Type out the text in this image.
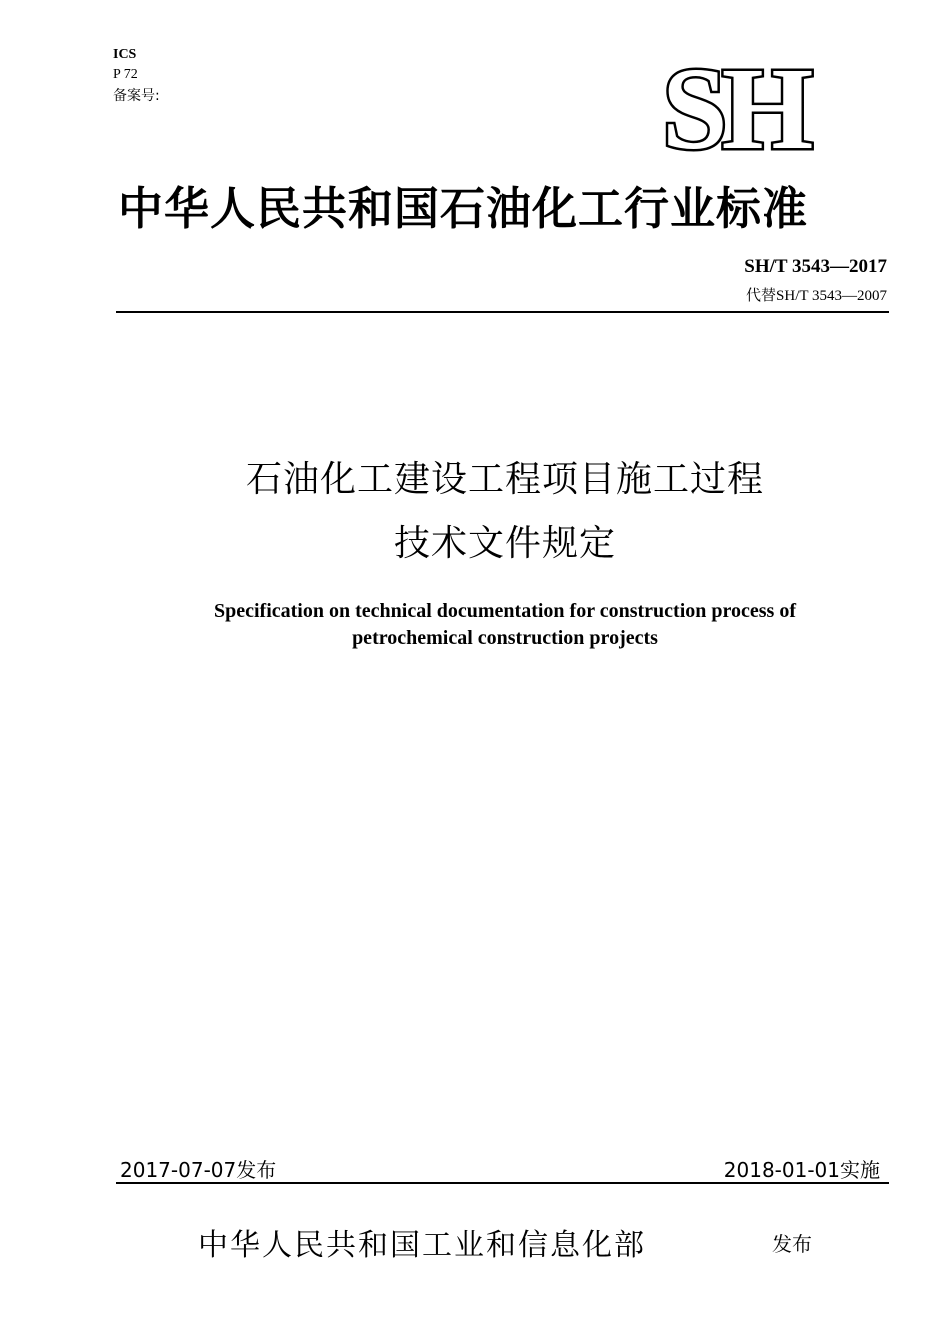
ICS
P 72
备案号:	SH
中华人民共和国石油化工行业标准
SH/T 3543—2017
代替SH/T 3543—2007
石油化工建设工程项目施工过程
技术文件规定
Specification on technical documentation for construction process of
petrochemical construction projects
2017-07-07发布	2018-01-01实施
中华人民共和国工业和信息化部	发布
